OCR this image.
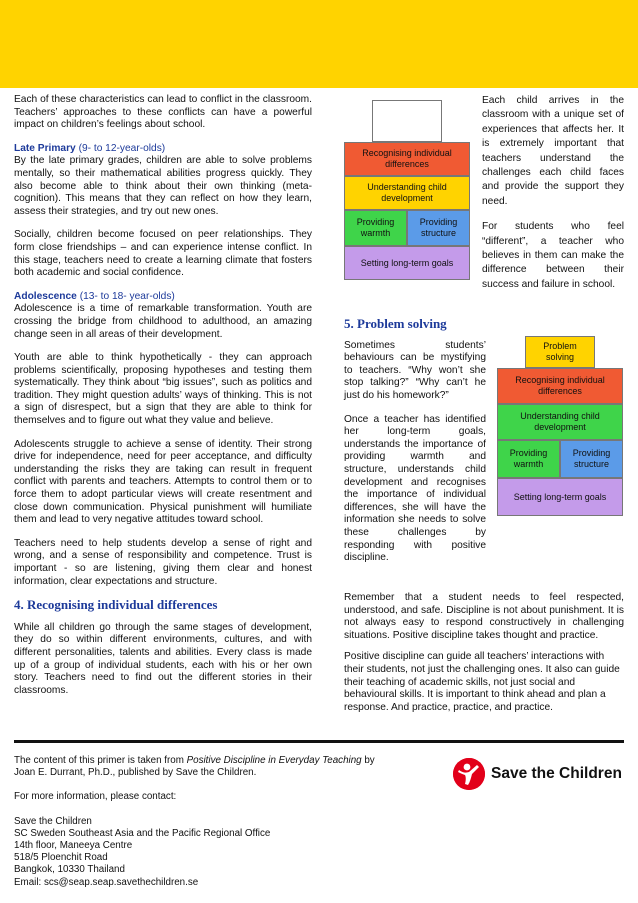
Each of these characteristics can lead to conflict in the classroom. Teachers’ approaches to these conflicts can have a powerful impact on children’s feelings about school.

Late Primary (9- to 12-year-olds)

By the late primary grades, children are able to solve problems mentally, so their mathematical abilities progress quickly. They also become able to think about their own thinking (meta-cognition). This means that they can reflect on how they learn, assess their strategies, and try out new ones.

Socially, children become focused on peer relationships. They form close friendships – and can experience intense conflict. In this stage, teachers need to create a learning climate that fosters both academic and social confidence.

Adolescence (13- to 18- year-olds)

Adolescence is a time of remarkable transformation. Youth are crossing the bridge from childhood to adulthood, an amazing change seen in all areas of their development.

Youth are able to think hypothetically - they can approach problems scientifically, proposing hypotheses and testing them systematically. They think about “big issues”, such as politics and tradition. They might question adults’ ways of thinking. This is not a sign of disrespect, but a sign that they are able to think for themselves and to figure out what they value and believe.

Adolescents struggle to achieve a sense of identity. Their strong drive for independence, need for peer acceptance, and difficulty understanding the risks they are taking can result in frequent conflict with parents and teachers. Attempts to control them or to force them to adopt particular views will create resentment and close down communication. Physical punishment will humiliate them and lead to very negative attitudes toward school.

Teachers need to help students develop a sense of right and wrong, and a sense of responsibility and competence. Trust is important - so are listening, giving them clear and honest information, clear expectations and structure.

4. Recognising individual differences

While all children go through the same stages of development, they do so within different environments, cultures, and with different personalities, talents and abilities. Every class is made up of a group of individual students, each with his or her own story. Teachers need to find out the different stories in their classrooms.

Recognising individual differences
Understanding child development
Providing warmth
Providing structure
Setting long-term goals

Each child arrives in the classroom with a unique set of experiences that affects her. It is extremely important that teachers understand the challenges each child faces and provide the support they need.

For students who feel “different”, a teacher who believes in them can make the difference between their success and failure in school.

5. Problem solving

Sometimes students’ behaviours can be mystifying to teachers. “Why won’t she stop talking?” “Why can’t he just do his homework?”

Once a teacher has identified her long-term goals, understands the importance of providing warmth and structure, understands child development and recognises the importance of individual differences, she will have the information she needs to solve these challenges by responding with positive discipline.

Problem solving
Recognising individual differences
Understanding child development
Providing warmth
Providing structure
Setting long-term goals

Remember that a student needs to feel respected, understood, and safe. Discipline is not about punishment. It is not always easy to respond constructively in challenging situations. Positive discipline takes thought and practice.

Positive discipline can guide all teachers’ interactions with their students, not just the challenging ones. It also can guide their teaching of academic skills, not just social and behavioural skills. It is important to think ahead and plan a response. And practice, practice, and practice.

The content of this primer is taken from Positive Discipline in Everyday Teaching by

Joan E. Durrant, Ph.D., published by Save the Children.

For more information, please contact:

Save the Children

SC Sweden Southeast Asia and the Pacific Regional Office

14th floor, Maneeya Centre

518/5 Ploenchit Road

Bangkok, 10330 Thailand

Email: scs@seap.seap.savethechildren.se

Save the Children
